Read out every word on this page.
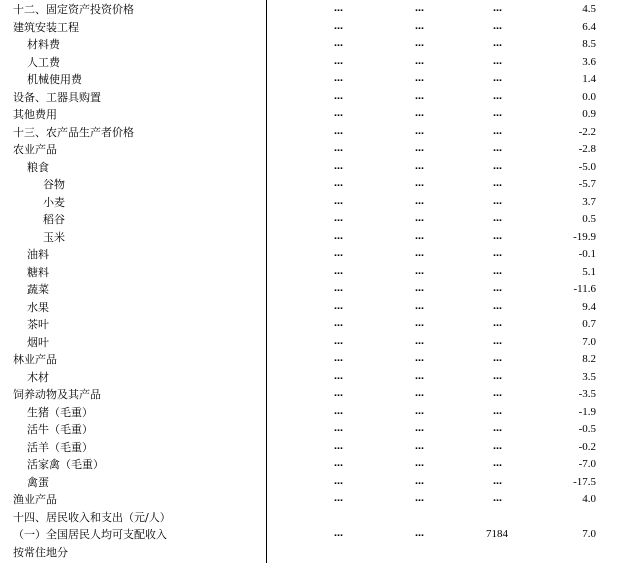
十二、固定资产投资价格	…	…	…	4.5
建筑安装工程	…	…	…	6.4
材料费	…	…	…	8.5
人工费	…	…	…	3.6
机械使用费	…	…	…	1.4
设备、工器具购置	…	…	…	0.0
其他费用	…	…	…	0.9
十三、农产品生产者价格	…	…	…	-2.2
农业产品	…	…	…	-2.8
粮食	…	…	…	-5.0
谷物	…	…	…	-5.7
小麦	…	…	…	3.7
稻谷	…	…	…	0.5
玉米	…	…	…	-19.9
油料	…	…	…	-0.1
糖料	…	…	…	5.1
蔬菜	…	…	…	-11.6
水果	…	…	…	9.4
茶叶	…	…	…	0.7
烟叶	…	…	…	7.0
林业产品	…	…	…	8.2
木材	…	…	…	3.5
饲养动物及其产品	…	…	…	-3.5
生猪（毛重）	…	…	…	-1.9
活牛（毛重）	…	…	…	-0.5
活羊（毛重）	…	…	…	-0.2
活家禽（毛重）	…	…	…	-7.0
禽蛋	…	…	…	-17.5
渔业产品	…	…	…	4.0
十四、居民收入和支出（元/人）
（一）全国居民人均可支配收入	…	…	7184	7.0
按常住地分
